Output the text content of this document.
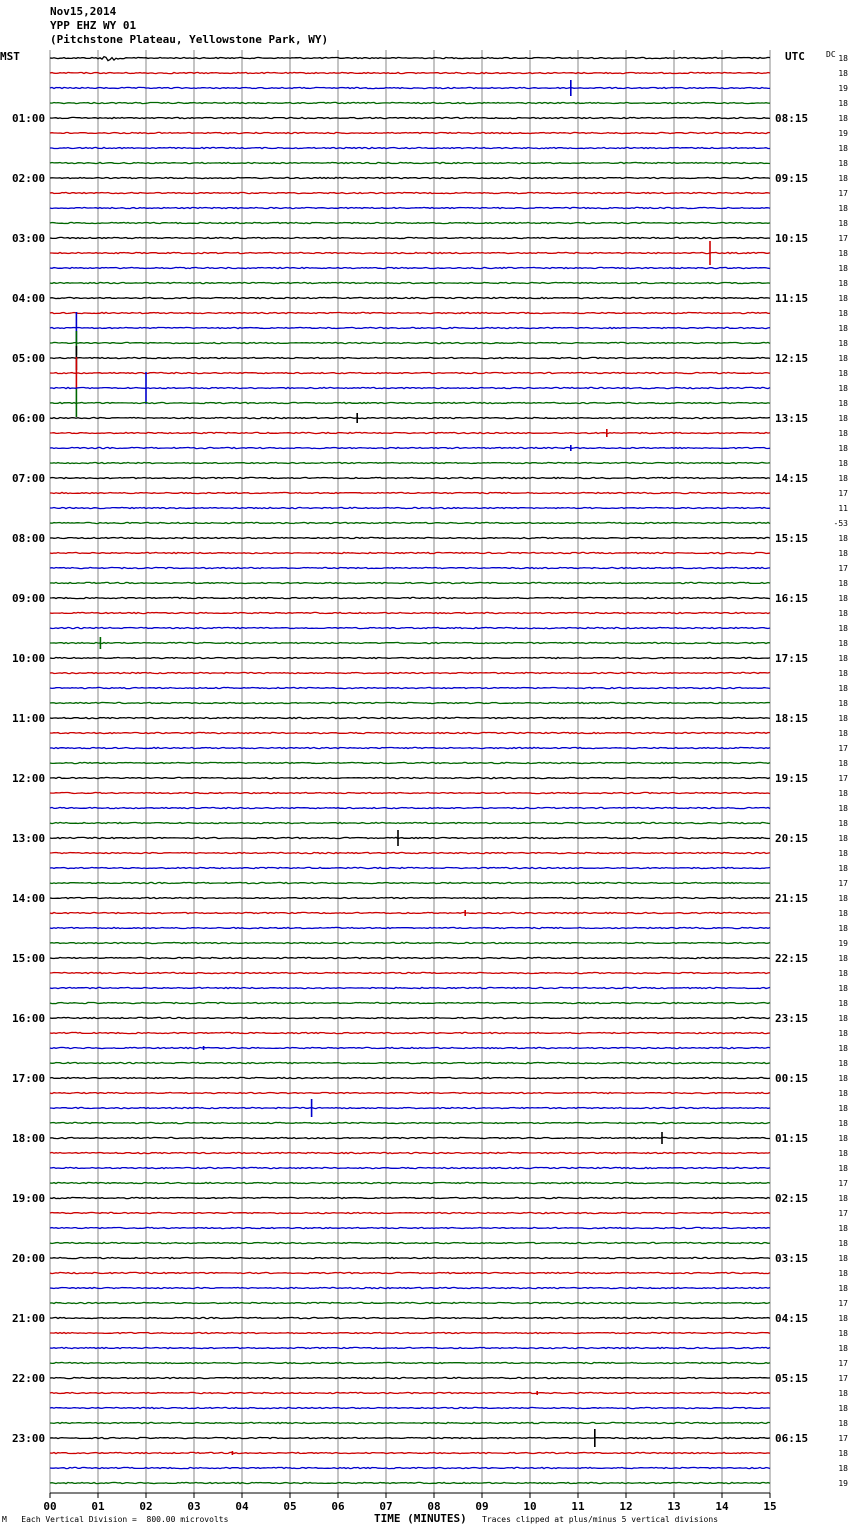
Nov15,2014
YPP EHZ WY 01
(Pitchstone Plateau, Yellowstone Park, WY)
MST	UTC	DC
00	01	02	03	04	05	06	07	08	09	10	11	12	13	14	15
18
18
19
18
18
19
18
18
18
17
18
18
17
18
18
18
18
18
18
18
18
18
18
18
18
18
18
18
18
17
11
-53
18
18
17
18
18
18
18
18
18
18
18
18
18
18
17
18
17
18
18
18
18
18
18
17
18
18
18
19
18
18
18
18
18
18
18
18
18
18
18
18
18
18
18
17
18
17
18
18
18
18
18
17
18
18
18
17
17
18
18
18
17
18
18
19
01:00	08:15
02:00	09:15
03:00	10:15
04:00	11:15
05:00	12:15
06:00	13:15
07:00	14:15
08:00	15:15
09:00	16:15
10:00	17:15
11:00	18:15
12:00	19:15
13:00	20:15
14:00	21:15
15:00	22:15
16:00	23:15
17:00	00:15
18:00	01:15
19:00	02:15
20:00	03:15
21:00	04:15
22:00	05:15
23:00	06:15
M Each Vertical Division =  800.00 microvolts	TIME (MINUTES) Traces clipped at plus/minus 5 vertical divisions
